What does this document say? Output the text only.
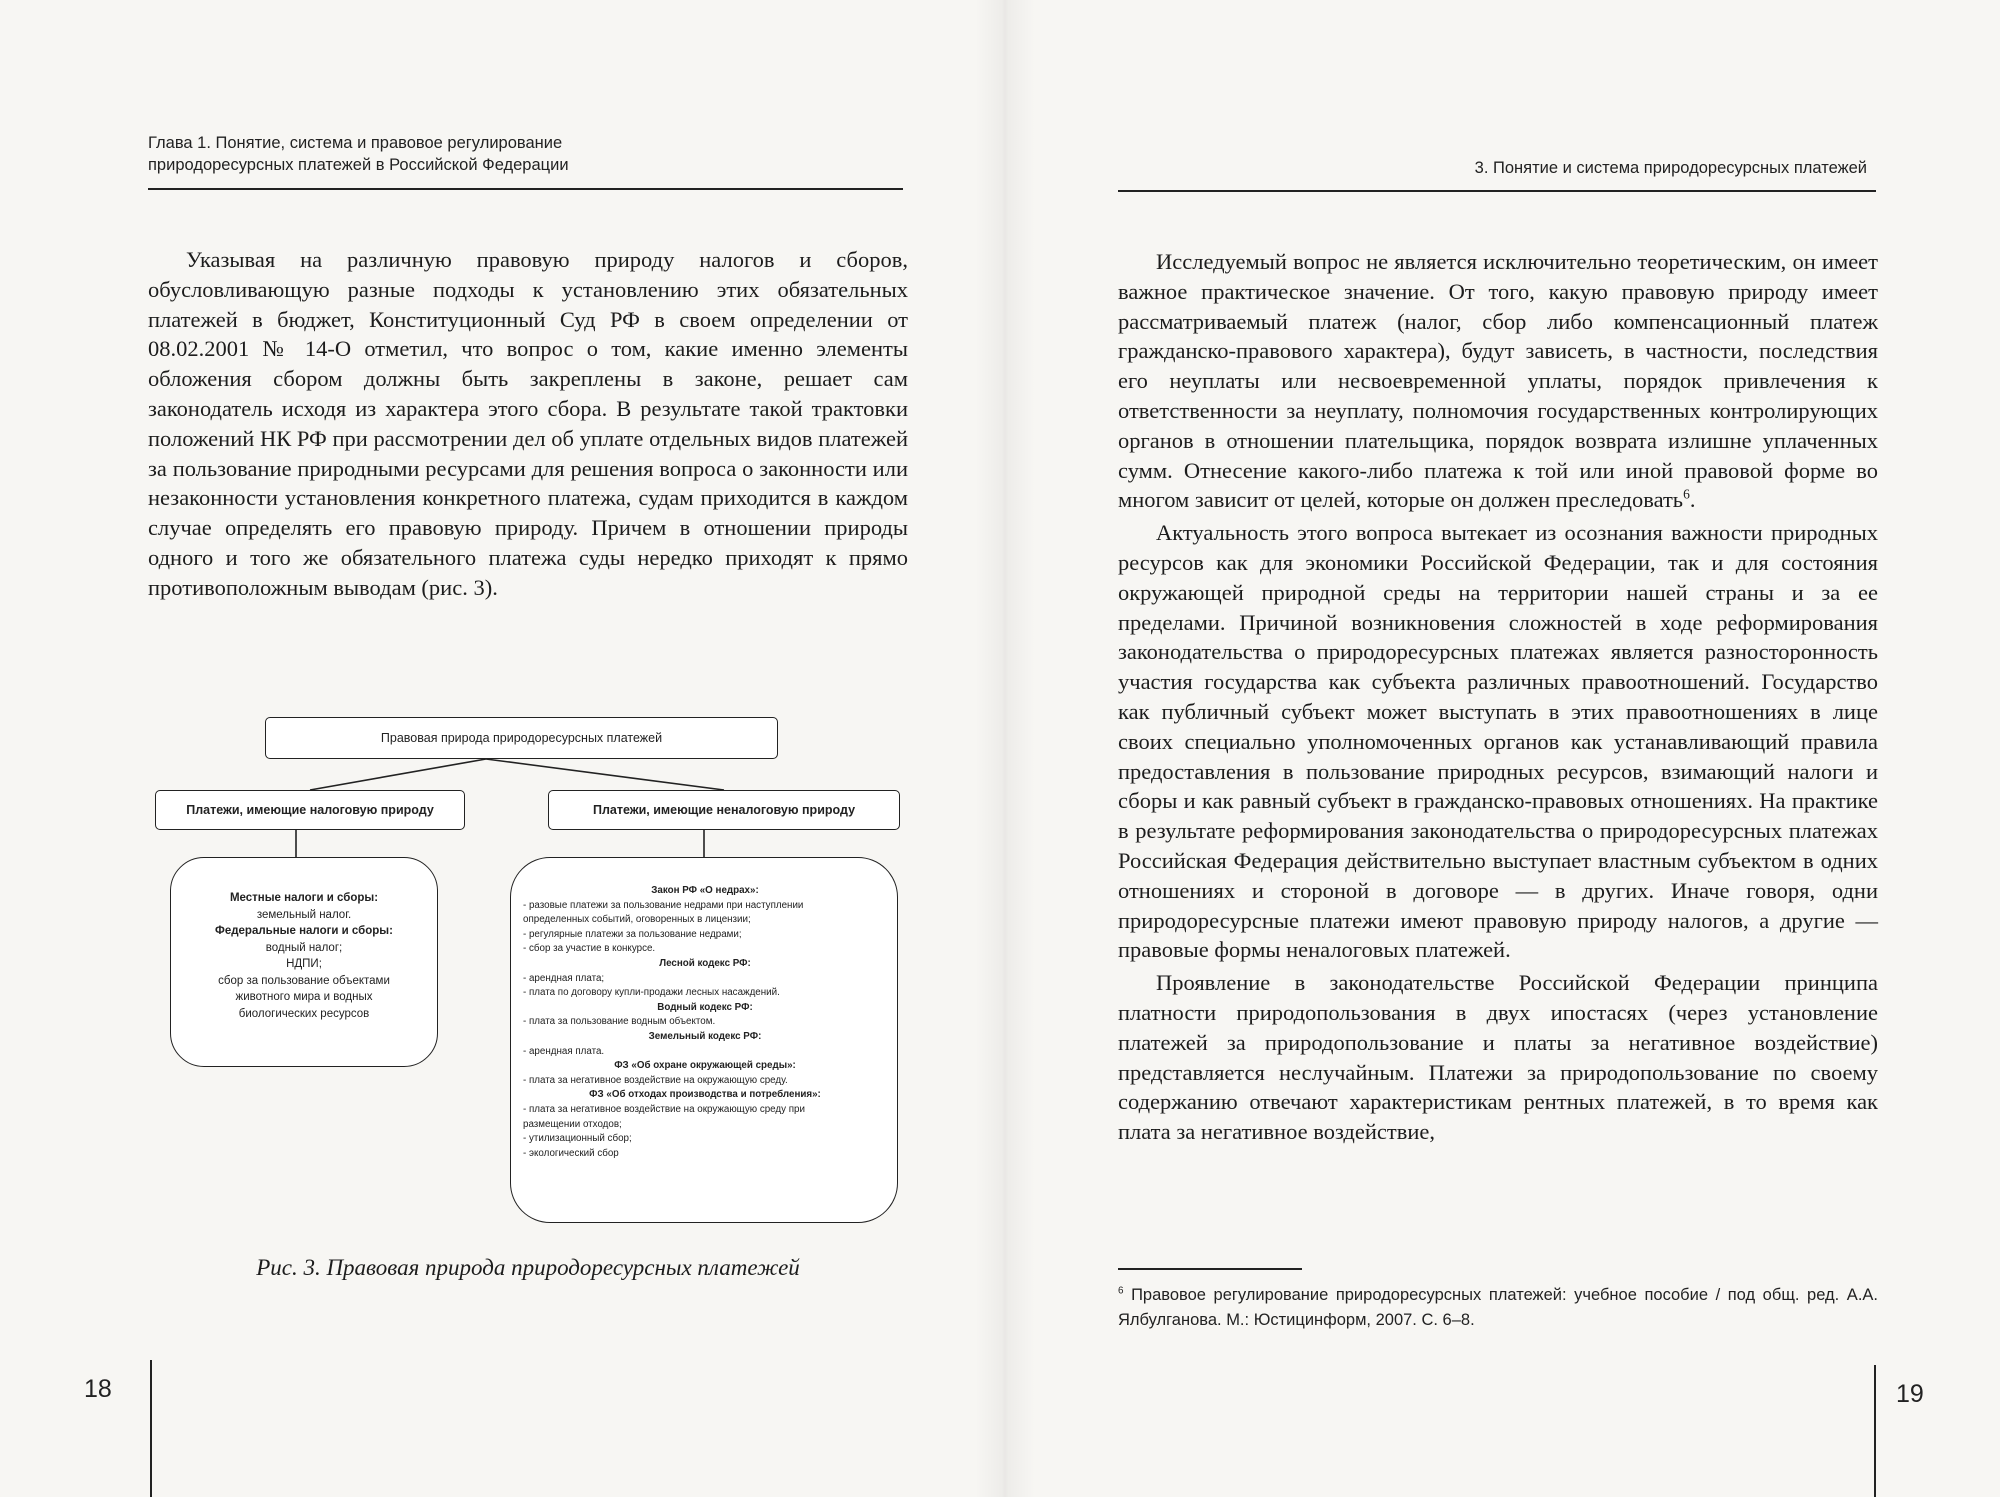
Глава 1. Понятие, система и правовое регулирование
природоресурсных платежей в Российской Федерации

Указывая на различную правовую природу налогов и сборов, обусловливающую разные подходы к установлению этих обязательных платежей в бюджет, Конституционный Суд РФ в своем определении от 08.02.2001 № 14-О отметил, что вопрос о том, какие именно элементы обложения сбором должны быть закреплены в законе, решает сам законодатель исходя из характера этого сбора. В результате такой трактовки положений НК РФ при рассмотрении дел об уплате отдельных видов платежей за пользование природными ресурсами для решения вопроса о законности или незаконности установления конкретного платежа, судам приходится в каждом случае определять его правовую природу. Причем в отношении природы одного и того же обязательного платежа суды нередко приходят к прямо противоположным выводам (рис. 3).

Правовая природа природоресурсных платежей
Платежи, имеющие налоговую природу	Платежи, имеющие неналоговую природу
Местные налоги и сборы:
земельный налог.
Федеральные налоги и сборы:
водный налог;
НДПИ;
сбор за пользование объектами
животного мира и водных
биологических ресурсов
Закон РФ «О недрах»:
- разовые платежи за пользование недрами при наступлении
определенных событий, оговоренных в лицензии;
- регулярные платежи за пользование недрами;
- сбор за участие в конкурсе.
Лесной кодекс РФ:
- арендная плата;
- плата по договору купли-продажи лесных насаждений.
Водный кодекс РФ:
- плата за пользование водным объектом.
Земельный кодекс РФ:
- арендная плата.
ФЗ «Об охране окружающей среды»:
- плата за негативное воздействие на окружающую среду.
ФЗ «Об отходах производства и потребления»:
- плата за негативное воздействие на окружающую среду при
размещении отходов;
- утилизационный сбор;
- экологический сбор
Рис. 3. Правовая природа природоресурсных платежей
18
3. Понятие и система природоресурсных платежей

Исследуемый вопрос не является исключительно теоретическим, он имеет важное практическое значение. От того, какую правовую природу имеет рассматриваемый платеж (налог, сбор либо компенсационный платеж гражданско-правового характера), будут зависеть, в частности, последствия его неуплаты или несвоевременной уплаты, порядок привлечения к ответственности за неуплату, полномочия государственных контролирующих органов в отношении плательщика, порядок возврата излишне уплаченных сумм. Отнесение какого-либо платежа к той или иной правовой форме во многом зависит от целей, которые он должен преследовать$^6$.

Актуальность этого вопроса вытекает из осознания важности природных ресурсов как для экономики Российской Федерации, так и для состояния окружающей природной среды на территории нашей страны и за ее пределами. Причиной возникновения сложностей в ходе реформирования законодательства о природоресурсных платежах является разносторонность участия государства как субъекта различных правоотношений. Государство как публичный субъект может выступать в этих правоотношениях в лице своих специально уполномоченных органов как устанавливающий правила предоставления в пользование природных ресурсов, взимающий налоги и сборы и как равный субъект в гражданско-правовых отношениях. На практике в результате реформирования законодательства о природоресурсных платежах Российская Федерация действительно выступает властным субъектом в одних отношениях и стороной в договоре — в других. Иначе говоря, одни природоресурсные платежи имеют правовую природу налогов, а другие — правовые формы неналоговых платежей.

Проявление в законодательстве Российской Федерации принципа платности природопользования в двух ипостасях (через установление платежей за природопользование и платы за негативное воздействие) представляется неслучайным. Платежи за природопользование по своему содержанию отвечают характеристикам рентных платежей, в то время как плата за негативное воздействие,

$^6$ Правовое регулирование природоресурсных платежей: учебное пособие / под общ. ред. А.А. Ялбулганова. М.: Юстицинформ, 2007. С. 6–8.
19
